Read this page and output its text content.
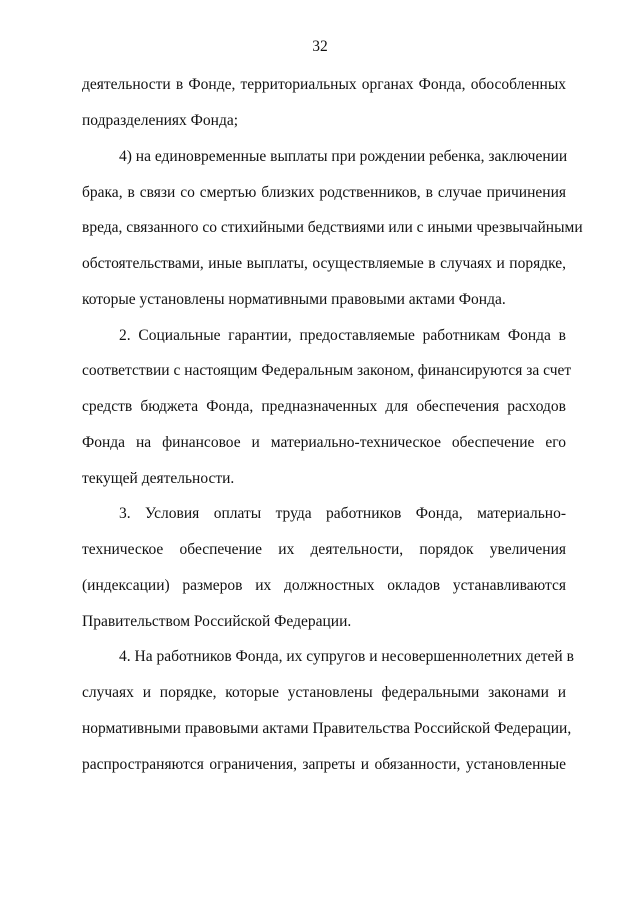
32
деятельности в Фонде, территориальных органах Фонда, обособленных
подразделениях Фонда;
4) на единовременные выплаты при рождении ребенка, заключении
брака, в связи со смертью близких родственников, в случае причинения
вреда, связанного со стихийными бедствиями или с иными чрезвычайными
обстоятельствами, иные выплаты, осуществляемые в случаях и порядке,
которые установлены нормативными правовыми актами Фонда.
2. Социальные гарантии, предоставляемые работникам Фонда в
соответствии с настоящим Федеральным законом, финансируются за счет
средств бюджета Фонда, предназначенных для обеспечения расходов
Фонда на финансовое и материально-техническое обеспечение его
текущей деятельности.
3. Условия оплаты труда работников Фонда, материально-
техническое обеспечение их деятельности, порядок увеличения
(индексации) размеров их должностных окладов устанавливаются
Правительством Российской Федерации.
4. На работников Фонда, их супругов и несовершеннолетних детей в
случаях и порядке, которые установлены федеральными законами и
нормативными правовыми актами Правительства Российской Федерации,
распространяются ограничения, запреты и обязанности, установленные
